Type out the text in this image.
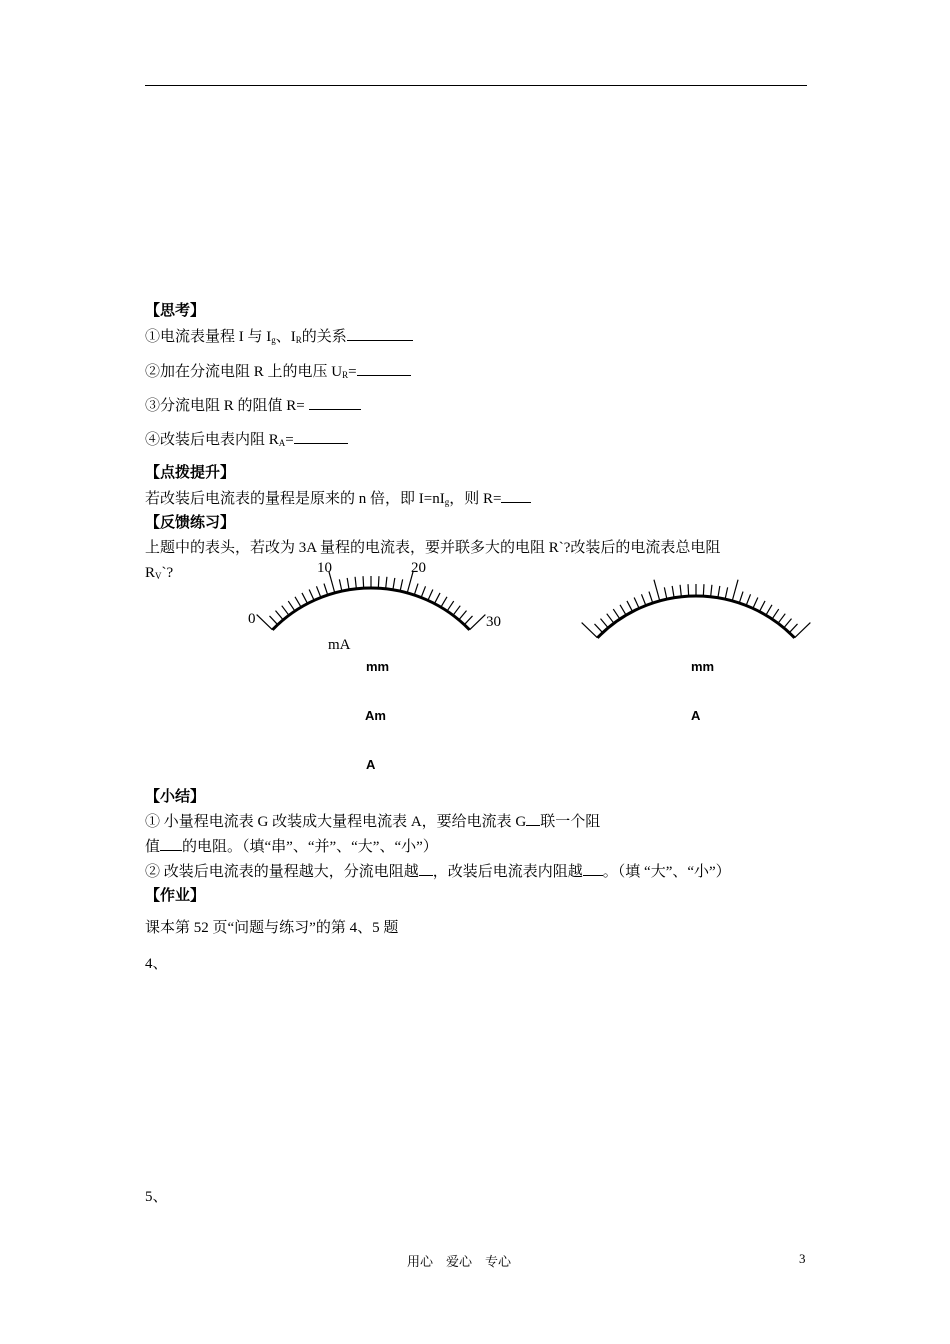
【思考】
①电流表量程 I 与 $I_g$、$I_R$的关系
②加在分流电阻 R 上的电压 $U_R=$
③分流电阻 R 的阻值 R=
④改装后电表内阻 $R_A=$
【点拨提升】
若改装后电流表的量程是原来的 n 倍，即 $I=nI_g$，则 R=
【反馈练习】
上题中的表头，若改为 3A 量程的电流表，要并联多大的电阻 R`?改装后的电流表总电阻
$R_V`$?
0
10	20
30
mA
mm
Am
A
mm
A
【小结】
① 小量程电流表 G 改装成大量程电流表 A，要给电流表 G 联一个阻
值 的电阻。（填“串”、“并”、“大”、“小”）
② 改装后电流表的量程越大，分流电阻越 ，改装后电流表内阻越 。（填 “大”、“小”）
【作业】
课本第 52 页“问题与练习”的第 4、5 题
4、
5、
用心　爱心　专心	3
